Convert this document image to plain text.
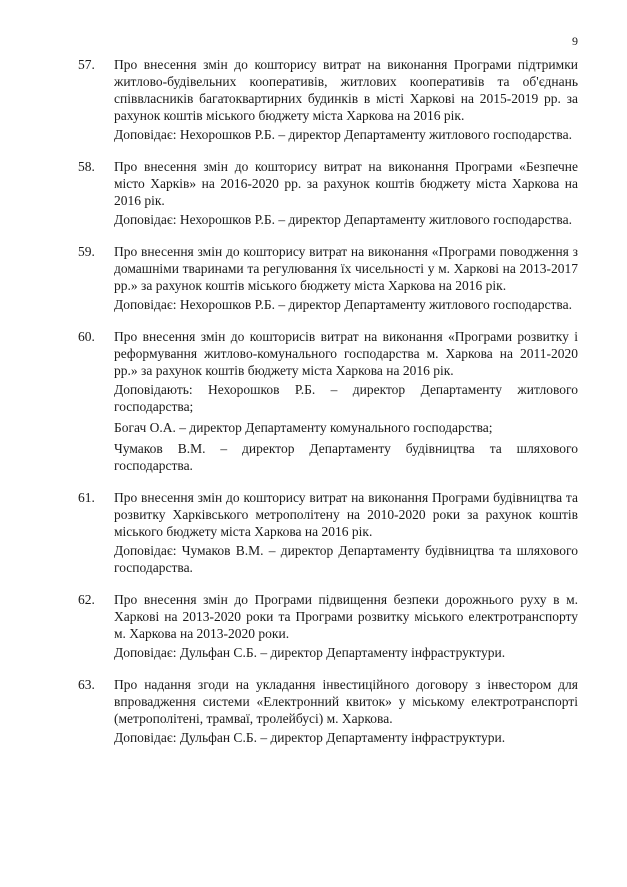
9
57.	Про внесення змін до кошторису витрат на виконання Програми підтримки житлово-будівельних кооперативів, житлових кооперативів та об'єднань співвласників багатоквартирних будинків в місті Харкові на 2015-2019 рр. за рахунок коштів міського бюджету міста Харкова на 2016 рік.

Доповідає: Нехорошков Р.Б. – директор Департаменту житлового господарства.

58.	Про внесення змін до кошторису витрат на виконання Програми «Безпечне місто Харків» на 2016-2020 рр. за рахунок коштів бюджету міста Харкова на 2016 рік.

Доповідає: Нехорошков Р.Б. – директор Департаменту житлового господарства.

59.	Про внесення змін до кошторису витрат на виконання «Програми поводження з домашніми тваринами та регулювання їх чисельності у м. Харкові на 2013-2017 рр.» за рахунок коштів міського бюджету міста Харкова на 2016 рік.

Доповідає: Нехорошков Р.Б. – директор Департаменту житлового господарства.

60.	Про внесення змін до кошторисів витрат на виконання «Програми розвитку і реформування житлово-комунального господарства м. Харкова на 2011-2020 рр.» за рахунок коштів бюджету міста Харкова на 2016 рік.

Доповідають: Нехорошков Р.Б. – директор Департаменту житлового господарства;

Богач О.А. – директор Департаменту комунального господарства;

Чумаков В.М. – директор Департаменту будівництва та шляхового господарства.

61.	Про внесення змін до кошторису витрат на виконання Програми будівництва та розвитку Харківського метрополітену на 2010-2020 роки за рахунок коштів міського бюджету міста Харкова на 2016 рік.

Доповідає: Чумаков В.М. – директор Департаменту будівництва та шляхового господарства.

62.	Про внесення змін до Програми підвищення безпеки дорожнього руху в м. Харкові на 2013-2020 роки та Програми розвитку міського електротранспорту м. Харкова на 2013-2020 роки.

Доповідає: Дульфан С.Б. – директор Департаменту інфраструктури.

63.	Про надання згоди на укладання інвестиційного договору з інвестором для впровадження системи «Електронний квиток» у міському електротранспорті (метрополітені, трамваї, тролейбусі) м. Харкова.

Доповідає: Дульфан С.Б. – директор Департаменту інфраструктури.
